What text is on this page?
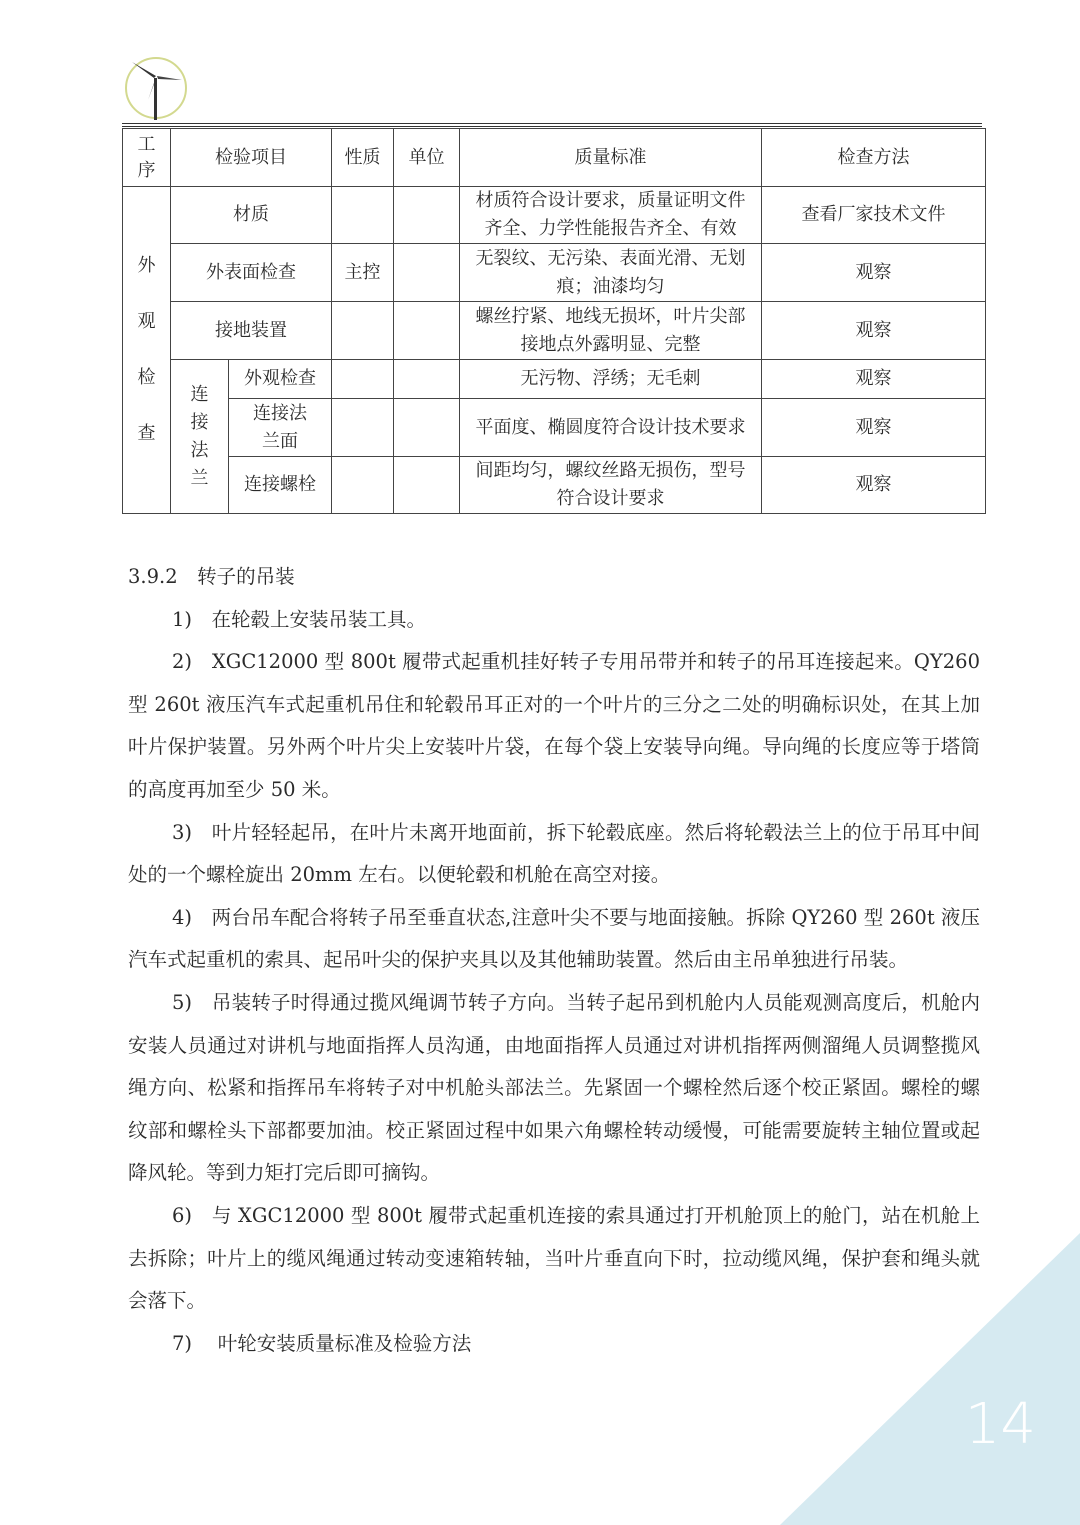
工序	检验项目		性质	单位	质量标准	检查方法

外观检查	材质				材质符合设计要求，质量证明文件齐全、力学性能报告齐全、有效	查看厂家技术文件
	外表面检查		主控		无裂纹、无污染、表面光滑、无划痕；油漆均匀	观察
	接地装置				螺丝拧紧、地线无损坏，叶片尖部接地点外露明显、完整	观察

	连接法兰	外观检查			无污物、浮绣；无毛刺	观察

		连接法兰面			平面度、椭圆度符合设计技术要求	观察
		连接螺栓			间距均匀，螺纹丝路无损伤，型号符合设计要求	观察

3.9.2　转子的吊装

1)　在轮毂上安装吊装工具。

2)　XGC12000 型 800t 履带式起重机挂好转子专用吊带并和转子的吊耳连接起来。QY260 型 260t 液压汽车式起重机吊住和轮毂吊耳正对的一个叶片的三分之二处的明确标识处，在其上加叶片保护装置。另外两个叶片尖上安装叶片袋，在每个袋上安装导向绳。导向绳的长度应等于塔筒的高度再加至少 50 米。

3)　叶片轻轻起吊，在叶片未离开地面前，拆下轮毂底座。然后将轮毂法兰上的位于吊耳中间处的一个螺栓旋出 20mm 左右。以便轮毂和机舱在高空对接。

4)　两台吊车配合将转子吊至垂直状态,注意叶尖不要与地面接触。拆除 QY260 型 260t 液压汽车式起重机的索具、起吊叶尖的保护夹具以及其他辅助装置。然后由主吊单独进行吊装。

5)　吊装转子时得通过揽风绳调节转子方向。当转子起吊到机舱内人员能观测高度后，机舱内安装人员通过对讲机与地面指挥人员沟通，由地面指挥人员通过对讲机指挥两侧溜绳人员调整揽风绳方向、松紧和指挥吊车将转子对中机舱头部法兰。先紧固一个螺栓然后逐个校正紧固。螺栓的螺纹部和螺栓头下部都要加油。校正紧固过程中如果六角螺栓转动缓慢，可能需要旋转主轴位置或起降风轮。等到力矩打完后即可摘钩。

6)　与 XGC12000 型 800t 履带式起重机连接的索具通过打开机舱顶上的舱门，站在机舱上去拆除；叶片上的缆风绳通过转动变速箱转轴，当叶片垂直向下时，拉动缆风绳，保护套和绳头就会落下。

7)　 叶轮安装质量标准及检验方法

14
